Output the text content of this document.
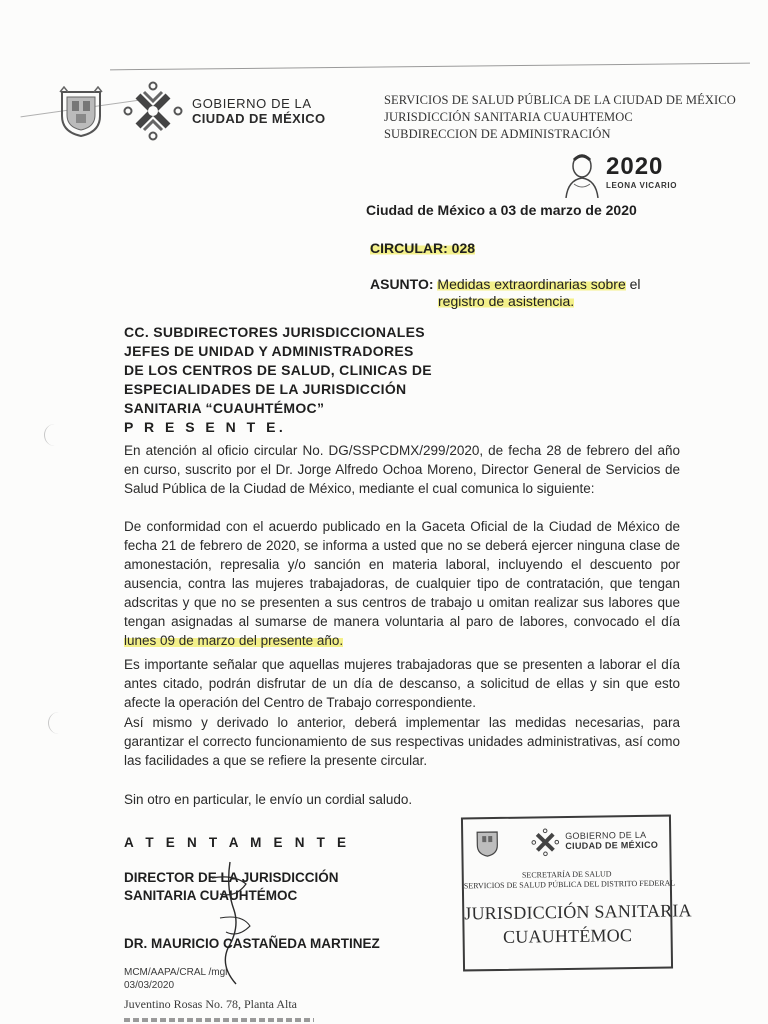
GOBIERNO DE LA
CIUDAD DE MÉXICO
SERVICIOS DE SALUD PÚBLICA DE LA CIUDAD DE MÉXICO
JURISDICCIÓN SANITARIA CUAUHTEMOC
SUBDIRECCION DE ADMINISTRACIÓN
2020
LEONA VICARIO
Ciudad de México a 03 de marzo de 2020
CIRCULAR: 028
ASUNTO: Medidas extraordinarias sobre el
registro de asistencia.
CC. SUBDIRECTORES JURISDICCIONALES
JEFES DE UNIDAD Y ADMINISTRADORES
DE LOS CENTROS DE SALUD, CLINICAS DE
ESPECIALIDADES DE LA JURISDICCIÓN
SANITARIA “CUAUHTÉMOC”
P R E S E N T E.
En atención al oficio circular No. DG/SSPCDMX/299/2020, de fecha 28 de febrero del año en curso, suscrito por el Dr. Jorge Alfredo Ochoa Moreno, Director General de Servicios de Salud Pública de la Ciudad de México, mediante el cual comunica lo siguiente:
De conformidad con el acuerdo publicado en la Gaceta Oficial de la Ciudad de México de fecha 21 de febrero de 2020, se informa a usted que no se deberá ejercer ninguna clase de amonestación, represalia y/o sanción en materia laboral, incluyendo el descuento por ausencia, contra las mujeres trabajadoras, de cualquier tipo de contratación, que tengan adscritas y que no se presenten a sus centros de trabajo u omitan realizar sus labores que tengan asignadas al sumarse de manera voluntaria al paro de labores, convocado el día lunes 09 de marzo del presente año.
Es importante señalar que aquellas mujeres trabajadoras que se presenten a laborar el día antes citado, podrán disfrutar de un día de descanso, a solicitud de ellas y sin que esto afecte la operación del Centro de Trabajo correspondiente.
Así mismo y derivado lo anterior, deberá implementar las medidas necesarias, para garantizar el correcto funcionamiento de sus respectivas unidades administrativas, así como las facilidades a que se refiere la presente circular.
Sin otro en particular, le envío un cordial saludo.
A T E N T A M E N T E
DIRECTOR DE LA JURISDICCIÓN
SANITARIA CUAUHTÉMOC
DR. MAURICIO CASTAÑEDA MARTINEZ
MCM/AAPA/CRAL /mgl
03/03/2020
Juventino Rosas No. 78, Planta Alta
GOBIERNO DE LA
CIUDAD DE MÉXICO
SECRETARÍA DE SALUD
SERVICIOS DE SALUD PÚBLICA DEL DISTRITO FEDERAL
JURISDICCIÓN SANITARIA
CUAUHTÉMOC
